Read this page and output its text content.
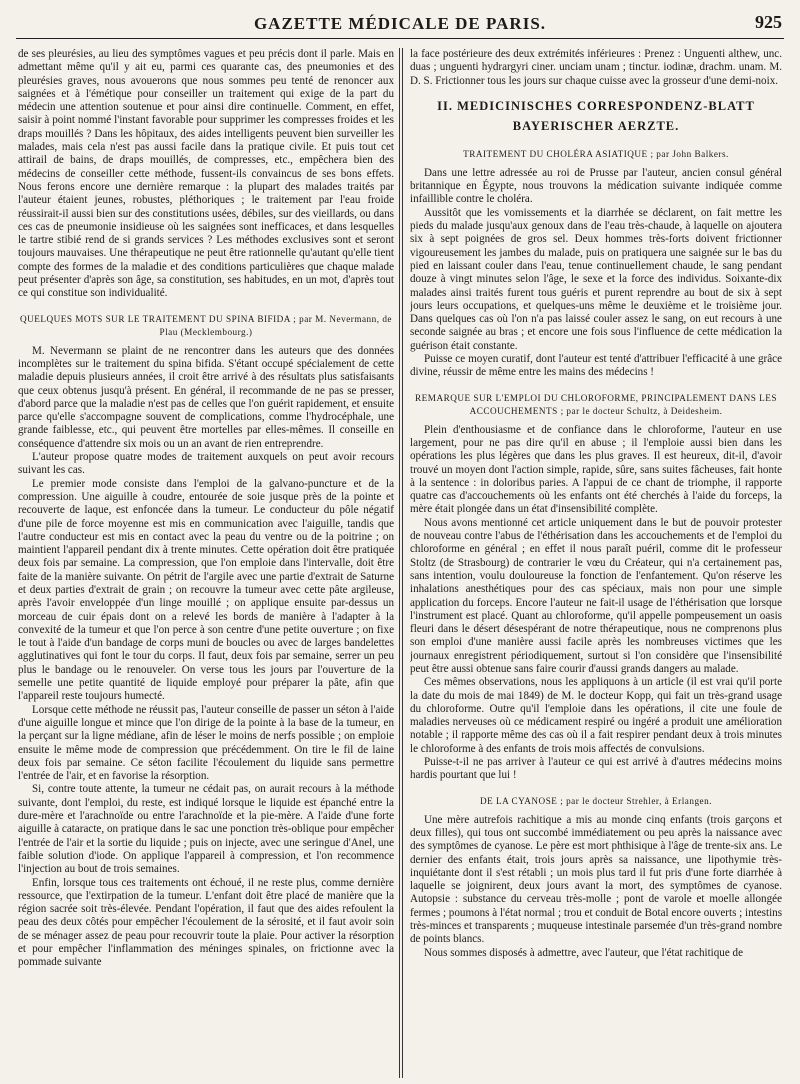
GAZETTE MÉDICALE DE PARIS.	925

de ses pleurésies, au lieu des symptômes vagues et peu précis dont il parle. Mais en admettant même qu'il y ait eu, parmi ces quarante cas, des pneumonies et des pleurésies graves, nous avouerons que nous sommes peu tenté de renoncer aux saignées et à l'émétique pour conseiller un traitement qui exige de la part du médecin une attention soutenue et pour ainsi dire continuelle. Comment, en effet, saisir à point nommé l'instant favorable pour supprimer les compresses froides et les draps mouillés ? Dans les hôpitaux, des aides intelligents peuvent bien surveiller les malades, mais cela n'est pas aussi facile dans la pratique civile. Et puis tout cet attirail de bains, de draps mouillés, de compresses, etc., empêchera bien des médecins de conseiller cette méthode, fussent-ils convaincus de ses bons effets. Nous ferons encore une dernière remarque : la plupart des malades traités par l'auteur étaient jeunes, robustes, pléthoriques ; le traitement par l'eau froide réussirait-il aussi bien sur des constitutions usées, débiles, sur des vieillards, ou dans ces cas de pneumonie insidieuse où les saignées sont inefficaces, et dans lesquelles le tartre stibié rend de si grands services ? Les méthodes exclusives sont et seront toujours mauvaises. Une thérapeutique ne peut être rationnelle qu'autant qu'elle tient compte des formes de la maladie et des conditions particulières que chaque malade peut présenter d'après son âge, sa constitution, ses habitudes, en un mot, d'après tout ce qui constitue son individualité.

QUELQUES MOTS SUR LE TRAITEMENT DU SPINA BIFIDA ; par M. Nevermann, de Plau (Mecklembourg.)

M. Nevermann se plaint de ne rencontrer dans les auteurs que des données incomplètes sur le traitement du spina bifida. S'étant occupé spécialement de cette maladie depuis plusieurs années, il croit être arrivé à des résultats plus satisfaisants que ceux obtenus jusqu'à présent. En général, il recommande de ne pas se presser, d'abord parce que la maladie n'est pas de celles que l'on guérit rapidement, et ensuite parce qu'elle s'accompagne souvent de complications, comme l'hydrocéphale, une grande faiblesse, etc., qui peuvent être mortelles par elles-mêmes. Il conseille en conséquence d'attendre six mois ou un an avant de rien entreprendre.

L'auteur propose quatre modes de traitement auxquels on peut avoir recours suivant les cas.

Le premier mode consiste dans l'emploi de la galvano-puncture et de la compression. Une aiguille à coudre, entourée de soie jusque près de la pointe et recouverte de laque, est enfoncée dans la tumeur. Le conducteur du pôle négatif d'une pile de force moyenne est mis en communication avec l'aiguille, tandis que l'autre conducteur est mis en contact avec la peau du ventre ou de la poitrine ; on maintient l'appareil pendant dix à trente minutes. Cette opération doit être pratiquée deux fois par semaine. La compression, que l'on emploie dans l'intervalle, doit être faite de la manière suivante. On pétrit de l'argile avec une partie d'extrait de Saturne et deux parties d'extrait de grain ; on recouvre la tumeur avec cette pâte argileuse, après l'avoir enveloppée d'un linge mouillé ; on applique ensuite par-dessus un morceau de cuir épais dont on a relevé les bords de manière à l'adapter à la convexité de la tumeur et que l'on perce à son centre d'une petite ouverture ; on fixe le tout à l'aide d'un bandage de corps muni de boucles ou avec de larges bandelettes agglutinatives qui font le tour du corps. Il faut, deux fois par semaine, serrer un peu plus le bandage ou le renouveler. On verse tous les jours par l'ouverture de la semelle une petite quantité de liquide employé pour préparer la pâte, afin que l'appareil reste toujours humecté.

Lorsque cette méthode ne réussit pas, l'auteur conseille de passer un séton à l'aide d'une aiguille longue et mince que l'on dirige de la pointe à la base de la tumeur, en la perçant sur la ligne médiane, afin de léser le moins de nerfs possible ; on emploie ensuite le même mode de compression que précédemment. On tire le fil de laine deux fois par semaine. Ce séton facilite l'écoulement du liquide sans permettre l'entrée de l'air, et en favorise la résorption.

Si, contre toute attente, la tumeur ne cédait pas, on aurait recours à la méthode suivante, dont l'emploi, du reste, est indiqué lorsque le liquide est épanché entre la dure-mère et l'arachnoïde ou entre l'arachnoïde et la pie-mère. A l'aide d'une forte aiguille à cataracte, on pratique dans le sac une ponction très-oblique pour empêcher l'entrée de l'air et la sortie du liquide ; puis on injecte, avec une seringue d'Anel, une faible solution d'iode. On applique l'appareil à compression, et l'on recommence l'injection au bout de trois semaines.

Enfin, lorsque tous ces traitements ont échoué, il ne reste plus, comme dernière ressource, que l'extirpation de la tumeur. L'enfant doit être placé de manière que la région sacrée soit très-élevée. Pendant l'opération, il faut que des aides refoulent la peau des deux côtés pour empêcher l'écoulement de la sérosité, et il faut avoir soin de se ménager assez de peau pour recouvrir toute la plaie. Pour activer la résorption et pour empêcher l'inflammation des méninges spinales, on frictionne avec la pommade suivante

la face postérieure des deux extrémités inférieures : Prenez : Unguenti althew, unc. duas ; unguenti hydrargyri ciner. unciam unam ; tinctur. iodinæ, drachm. unam. M. D. S. Frictionner tous les jours sur chaque cuisse avec la grosseur d'une demi-noix.

II. MEDICINISCHES CORRESPONDENZ-BLATT BAYERISCHER AERZTE.
TRAITEMENT DU CHOLÉRA ASIATIQUE ; par John Balkers.

Dans une lettre adressée au roi de Prusse par l'auteur, ancien consul général britannique en Égypte, nous trouvons la médication suivante indiquée comme infaillible contre le choléra.

Aussitôt que les vomissements et la diarrhée se déclarent, on fait mettre les pieds du malade jusqu'aux genoux dans de l'eau très-chaude, à laquelle on ajoutera six à sept poignées de gros sel. Deux hommes très-forts doivent frictionner vigoureusement les jambes du malade, puis on pratiquera une saignée sur le bas du pied en laissant couler dans l'eau, tenue continuellement chaude, le sang pendant douze à vingt minutes selon l'âge, le sexe et la force des individus. Soixante-dix malades ainsi traités furent tous guéris et purent reprendre au bout de six à sept jours leurs occupations, et quelques-uns même le deuxième et le troisième jour. Dans quelques cas où l'on n'a pas laissé couler assez le sang, on eut recours à une seconde saignée au bras ; et encore une fois sous l'influence de cette médication la guérison était constante.

Puisse ce moyen curatif, dont l'auteur est tenté d'attribuer l'efficacité à une grâce divine, réussir de même entre les mains des médecins !

REMARQUE SUR L'EMPLOI DU CHLOROFORME, PRINCIPALEMENT DANS LES ACCOUCHEMENTS ; par le docteur Schultz, à Deidesheim.

Plein d'enthousiasme et de confiance dans le chloroforme, l'auteur en use largement, pour ne pas dire qu'il en abuse ; il l'emploie aussi bien dans les opérations les plus légères que dans les plus graves. Il est heureux, dit-il, d'avoir trouvé un moyen dont l'action simple, rapide, sûre, sans suites fâcheuses, fait honte à la sentence : in doloribus paries. A l'appui de ce chant de triomphe, il rapporte quatre cas d'accouchements où les enfants ont été cherchés à l'aide du forceps, la mère était plongée dans un état d'insensibilité complète.

Nous avons mentionné cet article uniquement dans le but de pouvoir protester de nouveau contre l'abus de l'éthérisation dans les accouchements et de l'emploi du chloroforme en général ; en effet il nous paraît puéril, comme dit le professeur Stoltz (de Strasbourg) de contrarier le vœu du Créateur, qui n'a certainement pas, sans intention, voulu douloureuse la fonction de l'enfantement. Qu'on réserve les inhalations anesthétiques pour des cas spéciaux, mais non pour une simple application du forceps. Encore l'auteur ne fait-il usage de l'éthérisation que lorsque l'instrument est placé. Quant au chloroforme, qu'il appelle pompeusement un oasis fleuri dans le désert désespérant de notre thérapeutique, nous ne comprenons plus son emploi d'une manière aussi facile après les nombreuses victimes que les journaux enregistrent périodiquement, surtout si l'on considère que l'insensibilité peut être aussi obtenue sans faire courir d'aussi grands dangers au malade.

Ces mêmes observations, nous les appliquons à un article (il est vrai qu'il porte la date du mois de mai 1849) de M. le docteur Kopp, qui fait un très-grand usage du chloroforme. Outre qu'il l'emploie dans les opérations, il cite une foule de maladies nerveuses où ce médicament respiré ou ingéré a produit une amélioration notable ; il rapporte même des cas où il a fait respirer pendant deux à trois minutes le chloroforme à des enfants de trois mois affectés de convulsions.

Puisse-t-il ne pas arriver à l'auteur ce qui est arrivé à d'autres médecins moins hardis pourtant que lui !

DE LA CYANOSE ; par le docteur Strehler, à Erlangen.

Une mère autrefois rachitique a mis au monde cinq enfants (trois garçons et deux filles), qui tous ont succombé immédiatement ou peu après la naissance avec des symptômes de cyanose. Le père est mort phthisique à l'âge de trente-six ans. Le dernier des enfants était, trois jours après sa naissance, une lipothymie très-inquiétante dont il s'est rétabli ; un mois plus tard il fut pris d'une forte diarrhée à laquelle se joignirent, deux jours avant la mort, des symptômes de cyanose. Autopsie : substance du cerveau très-molle ; pont de varole et moelle allongée fermes ; poumons à l'état normal ; trou et conduit de Botal encore ouverts ; intestins très-minces et transparents ; muqueuse intestinale parsemée d'un très-grand nombre de points blancs.

Nous sommes disposés à admettre, avec l'auteur, que l'état rachitique de
